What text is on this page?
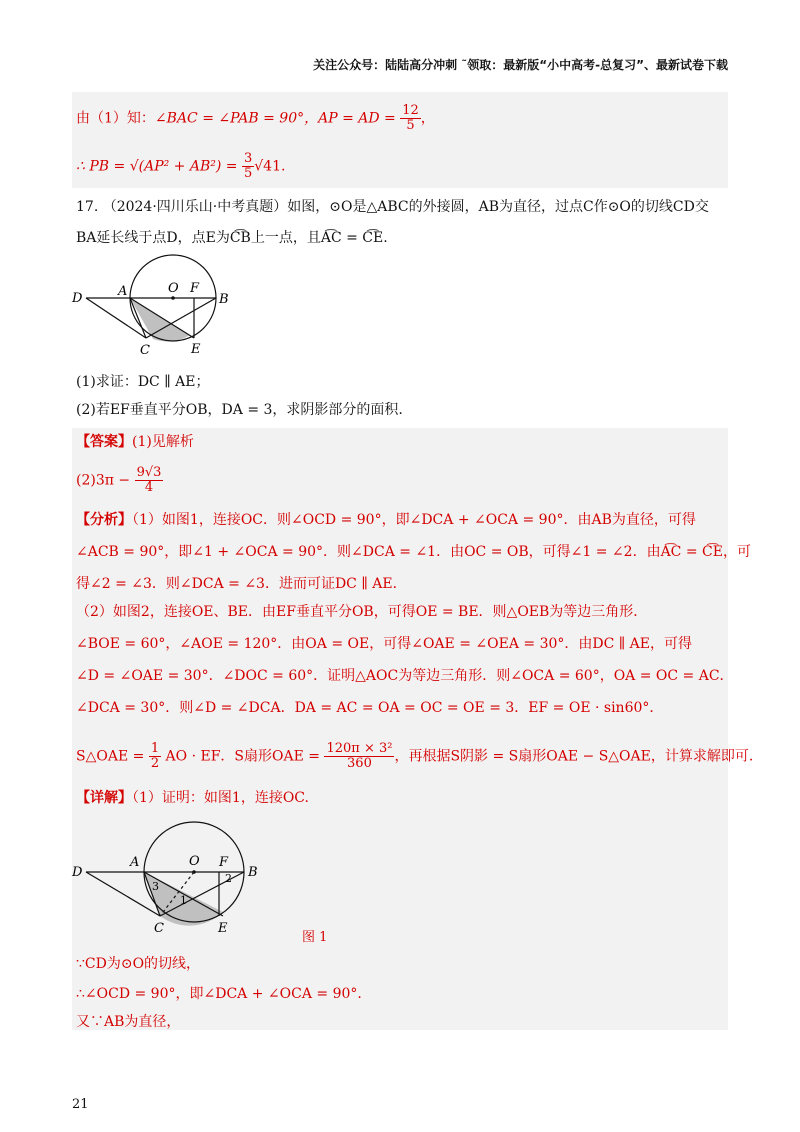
关注公众号：陆陆高分冲刺 ˜领取：最新版“小中高考-总复习”、最新试卷下载
由（1）知：∠BAC = ∠PAB = 90°，AP = AD = $\frac{12}{5}$ ，
∴ PB = $√(AP^2 + AB^2) = \frac{3}{5} √41$.
17. （2024·四川乐山·中考真题）如图，⊙O是△ABC的外接圆，AB为直径，过点C作⊙O的切线CD交
BA延长线于点D，点E为C͡B上一点，且A͡C = C͡E.
D	A	O F
B
C	E
(1)求证：DC ∥ AE；
(2)若EF垂直平分OB，DA = 3，求阴影部分的面积.
【答案】(1)见解析
$(2)3\pi - \frac{9√3}{4}$
【分析】（1）如图1，连接OC．则∠OCD = 90°，即∠DCA + ∠OCA = 90°．由AB为直径，可得
∠ACB = 90°，即∠1 + ∠OCA = 90°．则∠DCA = ∠1．由OC = OB，可得∠1 = ∠2．由A͡C = C͡E，可
得∠2 = ∠3．则∠DCA = ∠3．进而可证DC ∥ AE．
（2）如图2，连接OE、BE．由EF垂直平分OB，可得OE = BE．则△OEB为等边三角形．
∠BOE = 60°，∠AOE = 120°．由OA = OE，可得∠OAE = ∠OEA = 30°．由DC ∥ AE，可得
∠D = ∠OAE = 30°．∠DOC = 60°．证明△AOC为等边三角形．则∠OCA = 60°，OA = OC = AC．
∠DCA = 30°．则∠D = ∠DCA．DA = AC = OA = OC = OE = 3．EF = OE · sin60°．
S△OAE = $\frac{1}{2}$ AO · EF．S扇形OAE = $\frac{\text{120π × 3²}}{360}$ ，再根据S阴影 = S扇形OAE − S△OAE，计算求解即可.
【详解】（1）证明：如图1，连接OC.
D
A	O F
B
C	E
1
2
3
图 1
∵CD为⊙O的切线，
∴∠OCD = 90°，即∠DCA + ∠OCA = 90°.
又∵AB为直径，
21
